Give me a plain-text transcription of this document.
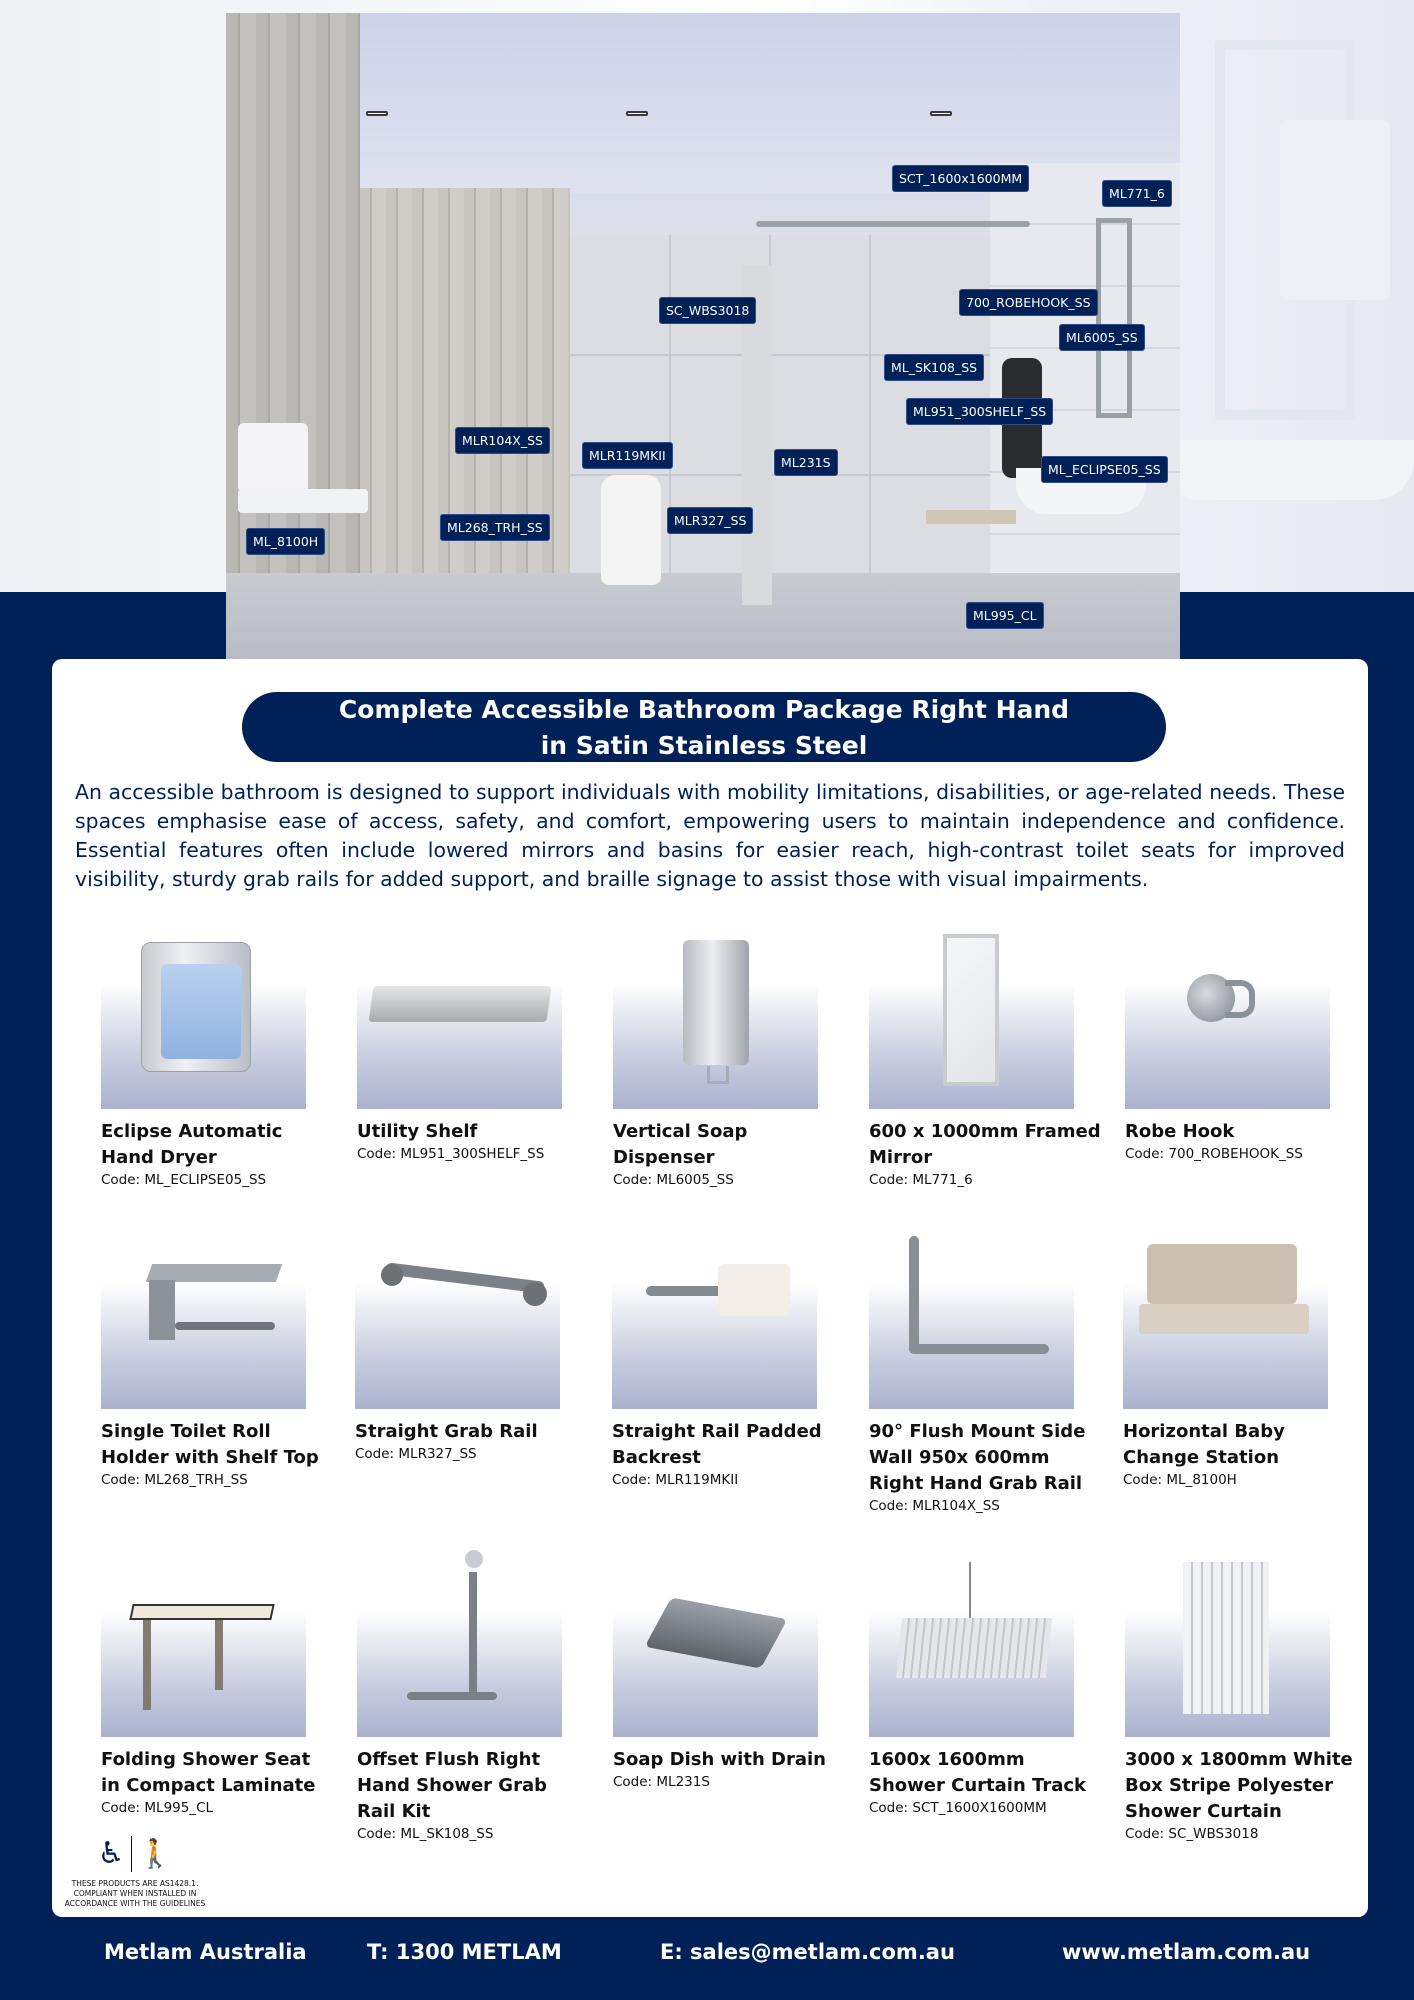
SCT_1600x1600MM
ML771_6
SC_WBS3018
700_ROBEHOOK_SS
ML6005_SS
ML_SK108_SS
ML951_300SHELF_SS
MLR104X_SS
MLR119MKII	ML231S	ML_ECLIPSE05_SS
MLR327_SS
ML268_TRH_SS
ML_8100H
ML995_CL
Complete Accessible Bathroom Package Right Hand
in Satin Stainless Steel

An accessible bathroom is designed to support individuals with mobility limitations, disabilities, or age-related needs. These spaces emphasise ease of access, safety, and comfort, empowering users to maintain independence and confidence. Essential features often include lowered mirrors and basins for easier reach, high-contrast toilet seats for improved visibility, sturdy grab rails for added support, and braille signage to assist those with visual impairments.

Eclipse Automatic Hand Dryer
Code: ML_ECLIPSE05_SS
Utility Shelf
Code: ML951_300SHELF_SS
Vertical Soap Dispenser
Code: ML6005_SS
600 x 1000mm Framed Mirror
Code: ML771_6
Robe Hook
Code: 700_ROBEHOOK_SS
Single Toilet Roll Holder with Shelf Top
Code: ML268_TRH_SS
Straight Grab Rail
Code: MLR327_SS
Straight Rail Padded Backrest
Code: MLR119MKII
90° Flush Mount Side Wall 950x 600mm Right Hand Grab Rail
Code: MLR104X_SS
Horizontal Baby Change Station
Code: ML_8100H
Folding Shower Seat in Compact Laminate
Code: ML995_CL
Offset Flush Right Hand Shower Grab Rail Kit
Code: ML_SK108_SS
Soap Dish with Drain
Code: ML231S
1600x 1600mm Shower Curtain Track
Code: SCT_1600X1600MM
3000 x 1800mm White Box Stripe Polyester Shower Curtain
Code: SC_WBS3018
♿ 🚶
THESE PRODUCTS ARE AS1428.1. COMPLIANT WHEN INSTALLED IN ACCORDANCE WITH THE GUIDELINES
Metlam Australia	T: 1300 METLAM	E: sales@metlam.com.au	www.metlam.com.au
